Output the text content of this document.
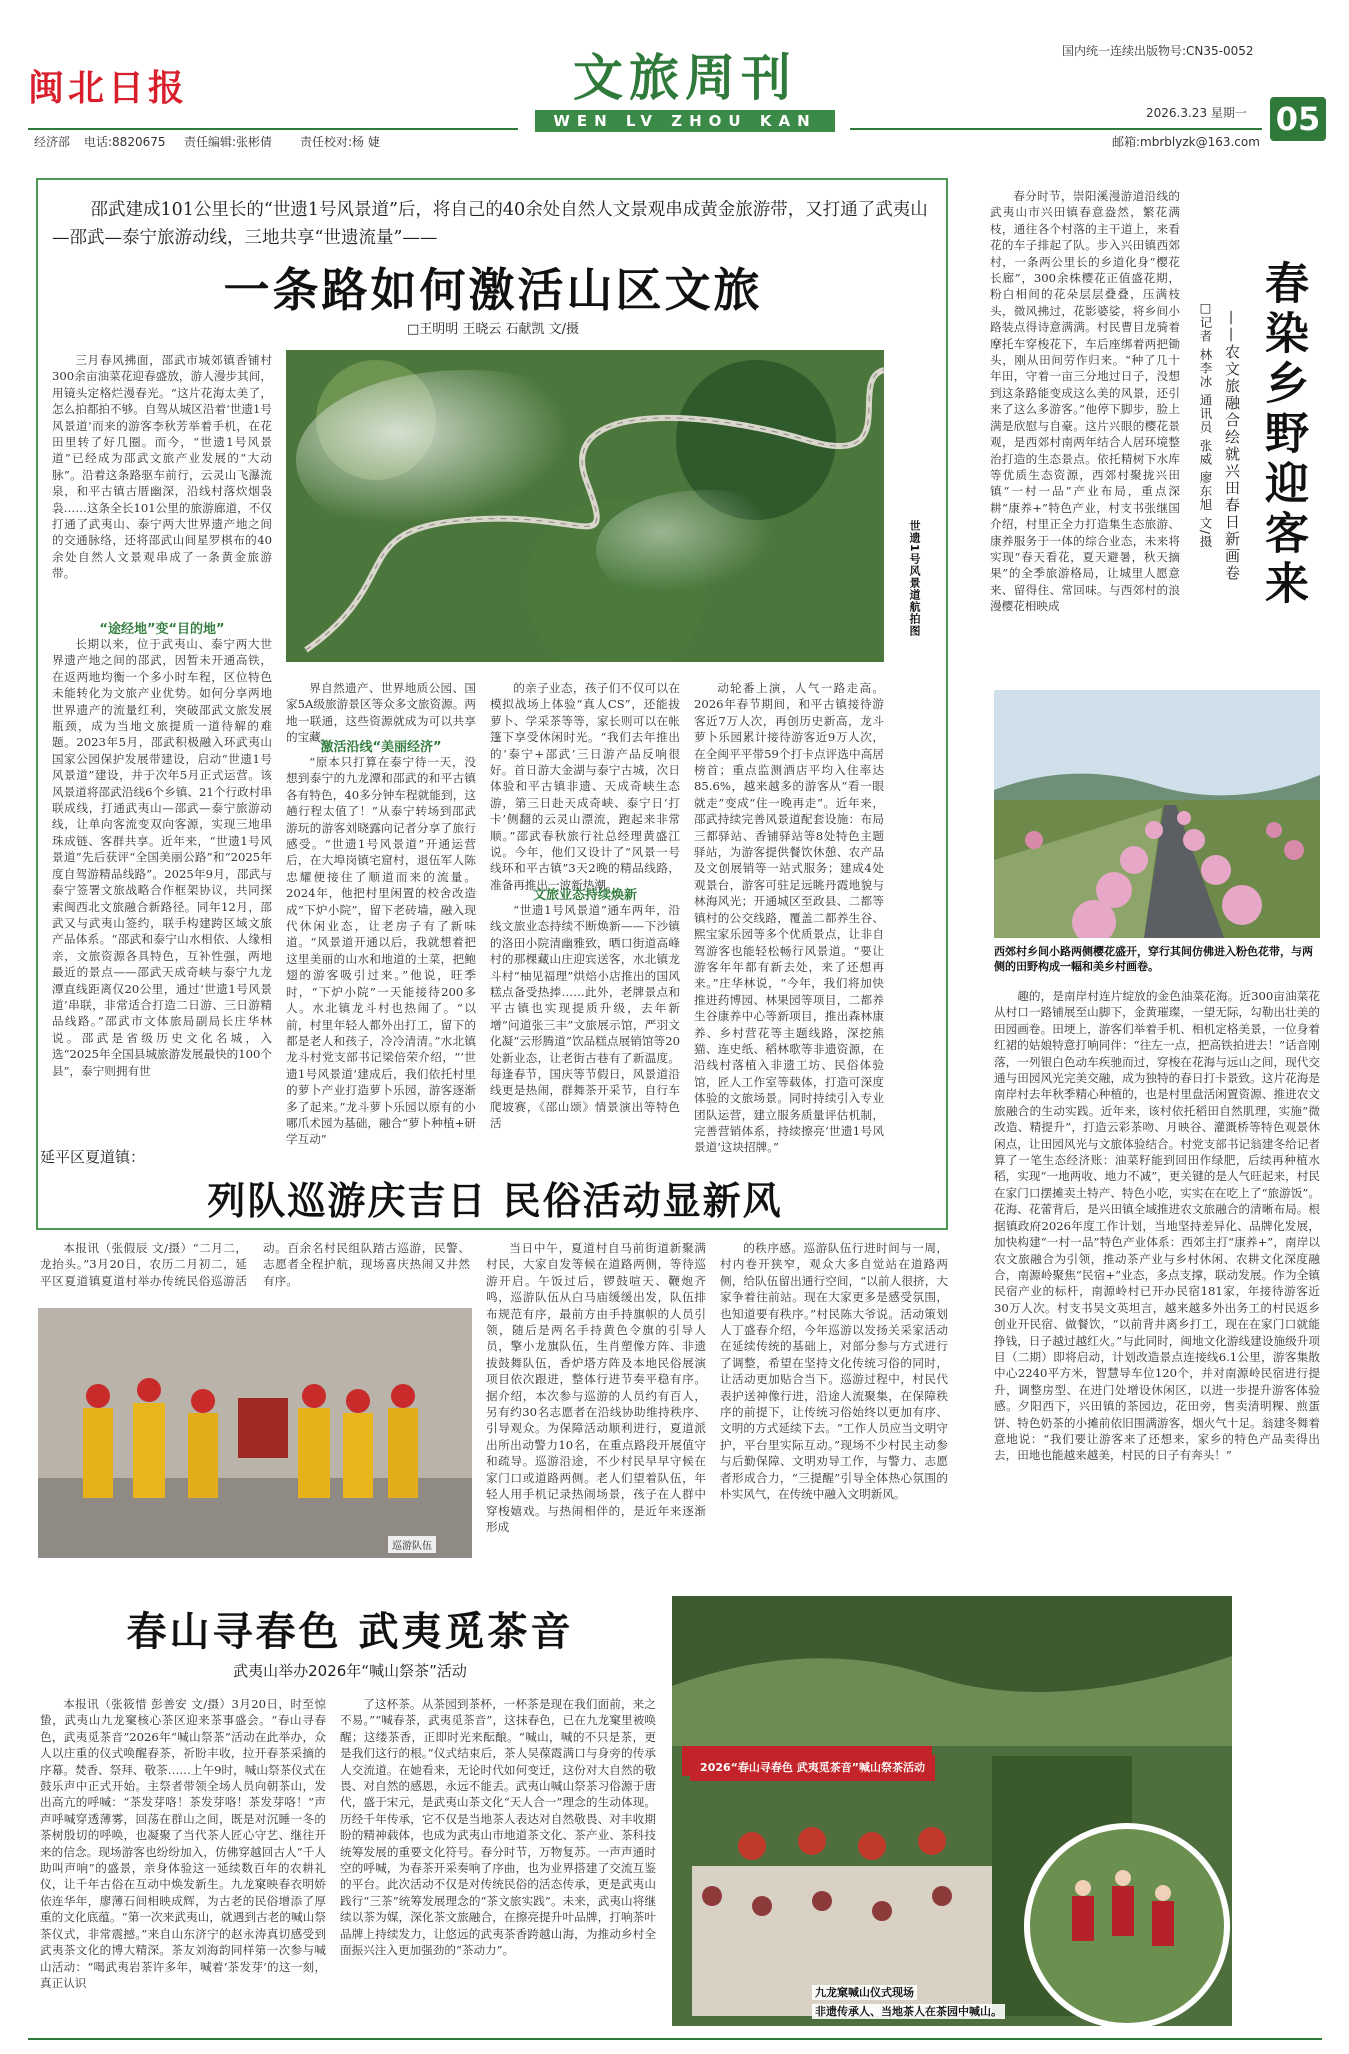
闽北日报	文旅周刊
WEN LV ZHOU KAN
国内统一连续出版物号:CN35-0052
2026.3.23 星期一 05
经济部 电话:8820675 责任编辑:张彬倩 责任校对:杨 婕	邮箱:mbrblyzk@163.com
邵武建成101公里长的“世遗1号风景道”后，将自己的40余处自然人文景观串成黄金旅游带，又打通了武夷山—邵武—泰宁旅游动线，三地共享“世遗流量”——
一条路如何激活山区文旅
□王明明 王晓云 石献凯 文/摄
世遗1号风景道航拍图
三月春风拂面，邵武市城郊镇香铺村300余亩油菜花迎春盛放，游人漫步其间，用镜头定格烂漫春光。“这片花海太美了，怎么拍都拍不够。自驾从城区沿着‘世遗1号风景道’而来的游客李秋芳举着手机，在花田里转了好几圈。而今，“世遗1号风景道”已经成为邵武文旅产业发展的“大动脉”。沿着这条路驱车前行，云灵山飞瀑流泉，和平古镇古厝幽深，沿线村落炊烟袅袅……这条全长101公里的旅游廊道，不仅打通了武夷山、泰宁两大世界遗产地之间的交通脉络，还将邵武山间星罗棋布的40余处自然人文景观串成了一条黄金旅游带。
“途经地”变“目的地”
长期以来，位于武夷山、泰宁两大世界遗产地之间的邵武，因暂未开通高铁，在返两地均衡一个多小时车程，区位特色未能转化为文旅产业优势。如何分享两地世界遗产的流量红利，突破邵武文旅发展瓶颈，成为当地文旅提质一道待解的难题。2023年5月，邵武积极融入环武夷山国家公园保护发展带建设，启动“世遗1号风景道”建设，并于次年5月正式运营。该风景道将邵武沿线6个乡镇、21个行政村串联成线，打通武夷山—邵武—泰宁旅游动线，让单向客流变双向客源，实现三地串珠成链、客群共享。近年来，“世遗1号风景道”先后获评“全国美丽公路”和“2025年度自驾游精品线路”。2025年9月，邵武与泰宁签署文旅战略合作框架协议，共同探索闽西北文旅融合新路径。同年12月，邵武又与武夷山签约，联手构建跨区域文旅产品体系。“邵武和泰宁山水相依、人缘相亲，文旅资源各具特色，互补性强，两地最近的景点——邵武天成奇峡与泰宁九龙潭直线距离仅20公里，通过‘世遗1号风景道’串联，非常适合打造二日游、三日游精品线路。”邵武市文体旅局副局长庄华林说。邵武是省级历史文化名城，入选“2025年全国县城旅游发展最快的100个县”，泰宁则拥有世
界自然遗产、世界地质公园、国家5A级旅游景区等众多文旅资源。两地一联通，这些资源就成为可以共享的宝藏。
激活沿线“美丽经济”
“原本只打算在泰宁待一天，没想到泰宁的九龙潭和邵武的和平古镇各有特色，40多分钟车程就能到，这趟行程太值了！”从泰宁转场到邵武游玩的游客刘晓露向记者分享了旅行感受。“世遗1号风景道”开通运营后，在大埠岗镇宅窟村，退伍军人陈忠耀便接住了顺道而来的流量。2024年，他把村里闲置的校舍改造成“下炉小院”，留下老砖墙，融入现代休闲业态，让老房子有了新味道。“风景道开通以后，我就想着把这里美丽的山水和地道的土菜，把鲍翅的游客吸引过来。”他说，旺季时，“下炉小院”一天能接待200多人。水北镇龙斗村也热闹了。“以前，村里年轻人都外出打工，留下的都是老人和孩子，冷冷清清。”水北镇龙斗村党支部书记梁倍荣介绍，“‘世遗1号风景道’建成后，我们依托村里的萝卜产业打造萝卜乐园，游客逐渐多了起来。”龙斗萝卜乐园以原有的小哪爪术园为基础，融合“萝卜种植+研学互动”
的亲子业态，孩子们不仅可以在模拟战场上体验“真人CS”，还能拔萝卜、学采茶等等，家长则可以在帐篷下享受休闲时光。“我们去年推出的‘泰宁+邵武’三日游产品反响很好。首日游大金湖与泰宁古城，次日体验和平古镇非遗、天成奇峡生态游，第三日赴天成奇峡、泰宁日‘打卡’侧翻的云灵山漂流，跑起来非常顺。”邵武春秋旅行社总经理黄盛江说。今年，他们又设计了“风景一号线环和平古镇”3天2晚的精品线路，准备再推出一波新热潮。
文旅业态持续焕新
“世遗1号风景道”通车两年，沿线文旅业态持续不断焕新——下沙镇的洛田小院清幽雅致，晒口街道高峰村的那棵藏山庄迎宾送客，水北镇龙斗村“柚见福理”烘焙小店推出的国风糕点备受热捧……此外，老牌景点和平古镇也实现提质升级，去年新增“问道张三丰”文旅展示馆，严羽文化凝“云形腾道”饮品糕点展销馆等20处新业态，让老街古巷有了新温度。每逢春节，国庆等节假日，风景道沿线更是热闹，群舞茶开采节，自行车爬坡赛，《邵山颂》情景演出等特色活
动轮番上演，人气一路走高。2026年春节期间，和平古镇接待游客近7万人次，再创历史新高，龙斗萝卜乐园累计接待游客近9万人次，在全闽平平带59个打卡点评选中高居榜首；重点监测酒店平均入住率达85.6%，越来越多的游客从“看一眼就走”变成“住一晚再走”。近年来，邵武持续完善风景道配套设施：布局三都驿站、香铺驿站等8处特色主题驿站，为游客提供餐饮休憩、农产品及文创展销等一站式服务；建成4处观景台，游客可驻足远眺丹霞地貌与林海风光；开通城区至政县、二都等镇村的公交线路，覆盖二都养生谷、熙宝家乐园等多个优质景点，让非自驾游客也能轻松畅行风景道。“要让游客年年都有新去处，来了还想再来。”庄华林说，“今年，我们将加快推进药博园、林果园等项目，二都养生谷康养中心等新项目，推出森林康养、乡村营花等主题线路，深挖熊猫、连史纸、稻林歌等非遗资源，在沿线村落植入非遗工坊、民俗体验馆，匠人工作室等载体，打造可深度体验的文旅场景。同时持续引入专业团队运营，建立服务质量评估机制，完善营销体系，持续擦亮‘世遗1号风景道’这块招牌。”
春分时节，崇阳溪漫游道沿线的武夷山市兴田镇春意盎然，繁花满枝，通往各个村落的主干道上，来看花的车子排起了队。步入兴田镇西郊村，一条两公里长的乡道化身“樱花长廊”，300余株樱花正值盛花期，粉白相间的花朵层层叠叠，压满枝头，微风拂过，花影婆娑，将乡间小路装点得诗意满满。村民曹目龙骑着摩托车穿梭花下，车后座绑着两把锄头，刚从田间劳作归来。“种了几十年田，守着一亩三分地过日子，没想到这条路能变成这么美的风景，还引来了这么多游客。”他停下脚步，脸上满是欣慰与自豪。这片兴眼的樱花景观，是西郊村南两年结合人居环境整治打造的生态景点。依托精树下水库等优质生态资源，西郊村聚拢兴田镇“一村一品”产业布局，重点深耕“康养+”特色产业，村支书张继国介绍，村里正全力打造集生态旅游、康养服务于一体的综合业态，未来将实现“春天看花，夏天避暑，秋天摘果”的全季旅游格局，让城里人愿意来、留得住、常回味。与西郊村的浪漫樱花相映成	春染乡野迎客来
——农文旅融合绘就兴田春日新画卷
□记者 林李冰 通讯员 张威 廖东旭 文/摄
西郊村乡间小路两侧樱花盛开，穿行其间仿佛进入粉色花带，与两侧的田野构成一幅和美乡村画卷。
趣的，是南岸村连片绽放的金色油菜花海。近300亩油菜花从村口一路铺展至山脚下，金黄璀璨，一望无际，勾勒出壮美的田园画卷。田埂上，游客们举着手机、相机定格美景，一位身着红裙的姑娘特意打响同伴：“往左一点，把高铁拍进去！”话音刚落，一列银白色动车疾驰而过，穿梭在花海与远山之间，现代交通与田园风光完美交融，成为独特的春日打卡景致。这片花海是南岸村去年秋季精心种植的，也是村里盘活闲置资源、推进农文旅融合的生动实践。近年来，该村依托稻田自然肌理，实施“微改造、精提升”，打造云彩茶吻、月映谷、灌溉桥等特色观景休闲点，让田园风光与文旅体验结合。村党支部书记翁建冬给记者算了一笔生态经济账：油菜籽能到回田作绿肥，后续再种植水稻，实现“一地两收、地力不减”，更关键的是人气旺起来，村民在家门口摆摊卖土特产、特色小吃，实实在在吃上了“旅游饭”。花海、花蕾背后，是兴田镇全域推进农文旅融合的清晰布局。根据镇政府2026年度工作计划，当地坚持差异化、品牌化发展，加快构建“一村一品”特色产业体系：西郊主打“康养+”，南岸以农文旅融合为引领，推动茶产业与乡村休闲、农耕文化深度融合，南源岭聚焦“民宿+”业态，多点支撑，联动发展。作为全镇民宿产业的标杆，南源岭村已开办民宿181家，年接待游客近30万人次。村支书吴文英坦言，越来越多外出务工的村民返乡创业开民宿、做餐饮，“以前背井离乡打工，现在在家门口就能挣钱，日子越过越红火。”与此同时，闽地文化游线建设施级升项目（二期）即将启动，计划改造景点连接线6.1公里，游客集散中心2240平方米，智慧导车位120个，并对南源岭民宿进行提升，调整房型、在进门处增设休闲区，以进一步提升游客体验感。夕阳西下，兴田镇的茶园边，花田旁，售卖清明粿、煎蛋饼、特色奶茶的小摊前依旧围满游客，烟火气十足。翁建冬舞着意地说：“我们要让游客来了还想来，家乡的特色产品卖得出去，田地也能越来越美，村民的日子有奔头！”
延平区夏道镇：
列队巡游庆吉日 民俗活动显新风
本报讯（张假辰 文/摄）“二月二，龙抬头。”3月20日，农历二月初二，延平区夏道镇夏道村举办传统民俗巡游活动。百余名村民组队踏古巡游，民警、志愿者全程护航，现场喜庆热闹又井然有序。
巡游队伍
当日中午，夏道村自马前街道新聚满村民，大家自发等候在道路两侧，等待巡游开启。午饭过后，锣鼓喧天、鞭炮齐鸣，巡游队伍从白马庙缓缓出发，队伍排布规范有序，最前方由手持旗帜的人员引领，随后是两名手持黄色令旗的引导人员，擎小龙旗队伍，生肖塑像方阵、非遗拔鼓舞队伍，香炉塔方阵及本地民俗展演项目依次跟进，整体行进节奏平稳有序。据介绍，本次参与巡游的人员约有百人，另有约30名志愿者在沿线协助维持秩序、引导观众。为保障活动顺利进行，夏道派出所出动警力10名，在重点路段开展值守和疏导。巡游沿途，不少村民早早守候在家门口或道路两侧。老人们望着队伍，年轻人用手机记录热闹场景，孩子在人群中穿梭嬉戏。与热闹相伴的，是近年来逐渐形成
的秩序感。巡游队伍行进时间与一周，村内卷开狭窄，观众大多自觉站在道路两侧，给队伍留出通行空间，“以前人很挤，大家争着往前站。现在大家更多是感受氛围，也知道要有秩序。”村民陈大爷说。活动策划人丁盛春介绍，今年巡游以发扬关采家活动在延续传统的基础上，对部分参与方式进行了调整，希望在坚持文化传统习俗的同时，让活动更加贴合当下。巡游过程中，村民代表护送神像行进，沿途人流聚集，在保障秩序的前提下，让传统习俗始终以更加有序、文明的方式延续下去。“工作人员应当文明守护，平台里实际互动。”现场不少村民主动参与后勤保障、文明劝导工作，与警力、志愿者形成合力，“三提醒”引导全体热心氛围的朴实风气，在传统中融入文明新风。
春山寻春色 武夷觅茶音
武夷山举办2026年“喊山祭茶”活动
本报讯（张筱惜 彭善安 文/摄）3月20日，时至惊蛰，武夷山九龙窠核心茶区迎来茶事盛会。“春山寻春色，武夷觅茶音”2026年“喊山祭茶”活动在此举办，众人以庄重的仪式唤醒春茶，祈盼丰收，拉开春茶采摘的序幕。焚香、祭拜、敬茶……上午9时，喊山祭茶仪式在鼓乐声中正式开始。主祭者带领全场人员向朝茶山，发出高亢的呼喊：“茶发芽咯！茶发芽咯！茶发芽咯！”声声呼喊穿透薄雾，回荡在群山之间，既是对沉睡一冬的茶树殷切的呼唤，也凝聚了当代茶人匠心守艺、继往开来的信念。现场游客也纷纷加入，仿佛穿越回古人“千人助叫声响”的盛景，亲身体验这一延续数百年的农耕礼仪，让千年古俗在互动中焕发新生。九龙窠映春衣明娇依连华年，廖薄石间相映成辉，为古老的民俗增添了厚重的文化底蕴。“第一次来武夷山，就遇到古老的喊山祭茶仪式，非常震撼。”来自山东济宁的赵永涛真切感受到武夷茶文化的博大精深。茶友刘海韵同样第一次参与喊山活动：“喝武夷岩茶许多年，喊着‘茶发芽’的这一刻，真正认识
了这杯茶。从茶园到茶杯，一杯茶是现在我们面前，来之不易。”“喊春茶，武夷觅茶音”，这抹春色，已在九龙窠里被唤醒；这缕茶香，正即时光来酝酿。“喊山，喊的不只是茶，更是我们这行的根。”仪式结束后，茶人吴葆霞满口与身旁的传承人交流道。在她看来，无论时代如何变迁，这份对大自然的敬畏、对自然的感恩，永远不能丢。武夷山喊山祭茶习俗源于唐代，盛于宋元，是武夷山茶文化“天人合一”理念的生动体现。历经千年传承，它不仅是当地茶人表达对自然敬畏、对丰收期盼的精神载体，也成为武夷山市地道茶文化、茶产业、茶科技统筹发展的重要文化符号。春分时节，万物复苏。一声声通时空的呼喊，为春茶开采奏响了序曲，也为业界搭建了交流互鉴的平台。此次活动不仅是对传统民俗的活态传承，更是武夷山践行“三茶”统筹发展理念的“茶文旅实践”。未来，武夷山将继续以茶为媒，深化茶文旅融合，在擦亮提升叶品牌，打响茶叶品牌上持续发力，让悠远的武夷茶香跨越山海，为推动乡村全面振兴注入更加强劲的“茶动力”。
2026“春山寻春色 武夷觅茶音”喊山祭茶活动
九龙窠喊山仪式现场
非遗传承人、当地茶人在茶园中喊山。
